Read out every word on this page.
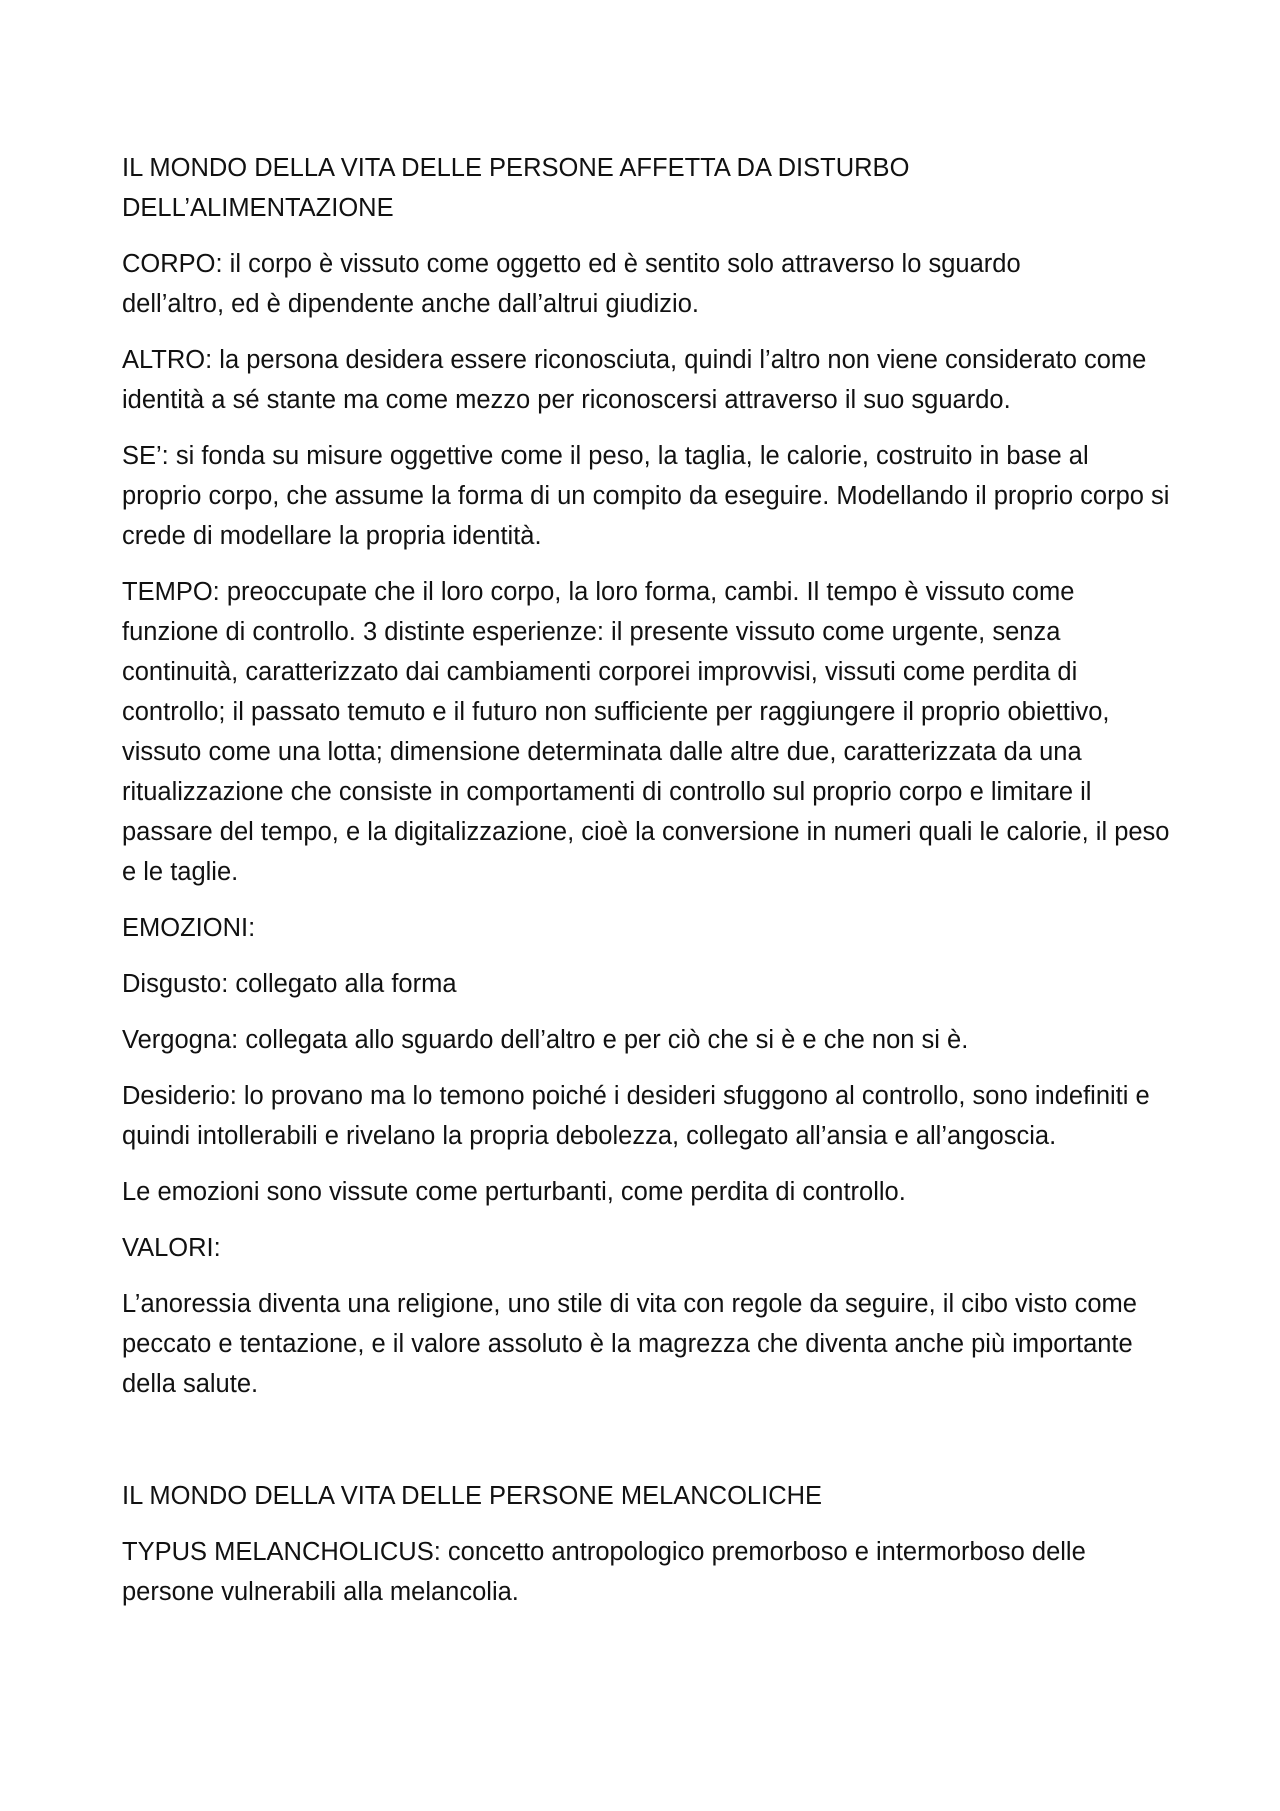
IL MONDO DELLA VITA DELLE PERSONE AFFETTA DA DISTURBO DELL’ALIMENTAZIONE

CORPO: il corpo è vissuto come oggetto ed è sentito solo attraverso lo sguardo dell’altro, ed è dipendente anche dall’altrui giudizio.

ALTRO: la persona desidera essere riconosciuta, quindi l’altro non viene considerato come identità a sé stante ma come mezzo per riconoscersi attraverso il suo sguardo.

SE’: si fonda su misure oggettive come il peso, la taglia, le calorie, costruito in base al proprio corpo, che assume la forma di un compito da eseguire. Modellando il proprio corpo si crede di modellare la propria identità.

TEMPO: preoccupate che il loro corpo, la loro forma, cambi. Il tempo è vissuto come funzione di controllo. 3 distinte esperienze: il presente vissuto come urgente, senza continuità, caratterizzato dai cambiamenti corporei improvvisi, vissuti come perdita di controllo; il passato temuto e il futuro non sufficiente per raggiungere il proprio obiettivo, vissuto come una lotta; dimensione determinata dalle altre due, caratterizzata da una ritualizzazione che consiste in comportamenti di controllo sul proprio corpo e limitare il passare del tempo, e la digitalizzazione, cioè la conversione in numeri quali le calorie, il peso e le taglie.

EMOZIONI:

Disgusto: collegato alla forma

Vergogna: collegata allo sguardo dell’altro e per ciò che si è e che non si è.

Desiderio: lo provano ma lo temono poiché i desideri sfuggono al controllo, sono indefiniti e quindi intollerabili e rivelano la propria debolezza, collegato all’ansia e all’angoscia.

Le emozioni sono vissute come perturbanti, come perdita di controllo.

VALORI:

L’anoressia diventa una religione, uno stile di vita con regole da seguire, il cibo visto come peccato e tentazione, e il valore assoluto è la magrezza che diventa anche più importante della salute.

IL MONDO DELLA VITA DELLE PERSONE MELANCOLICHE

TYPUS MELANCHOLICUS: concetto antropologico premorboso e intermorboso delle persone vulnerabili alla melancolia.
